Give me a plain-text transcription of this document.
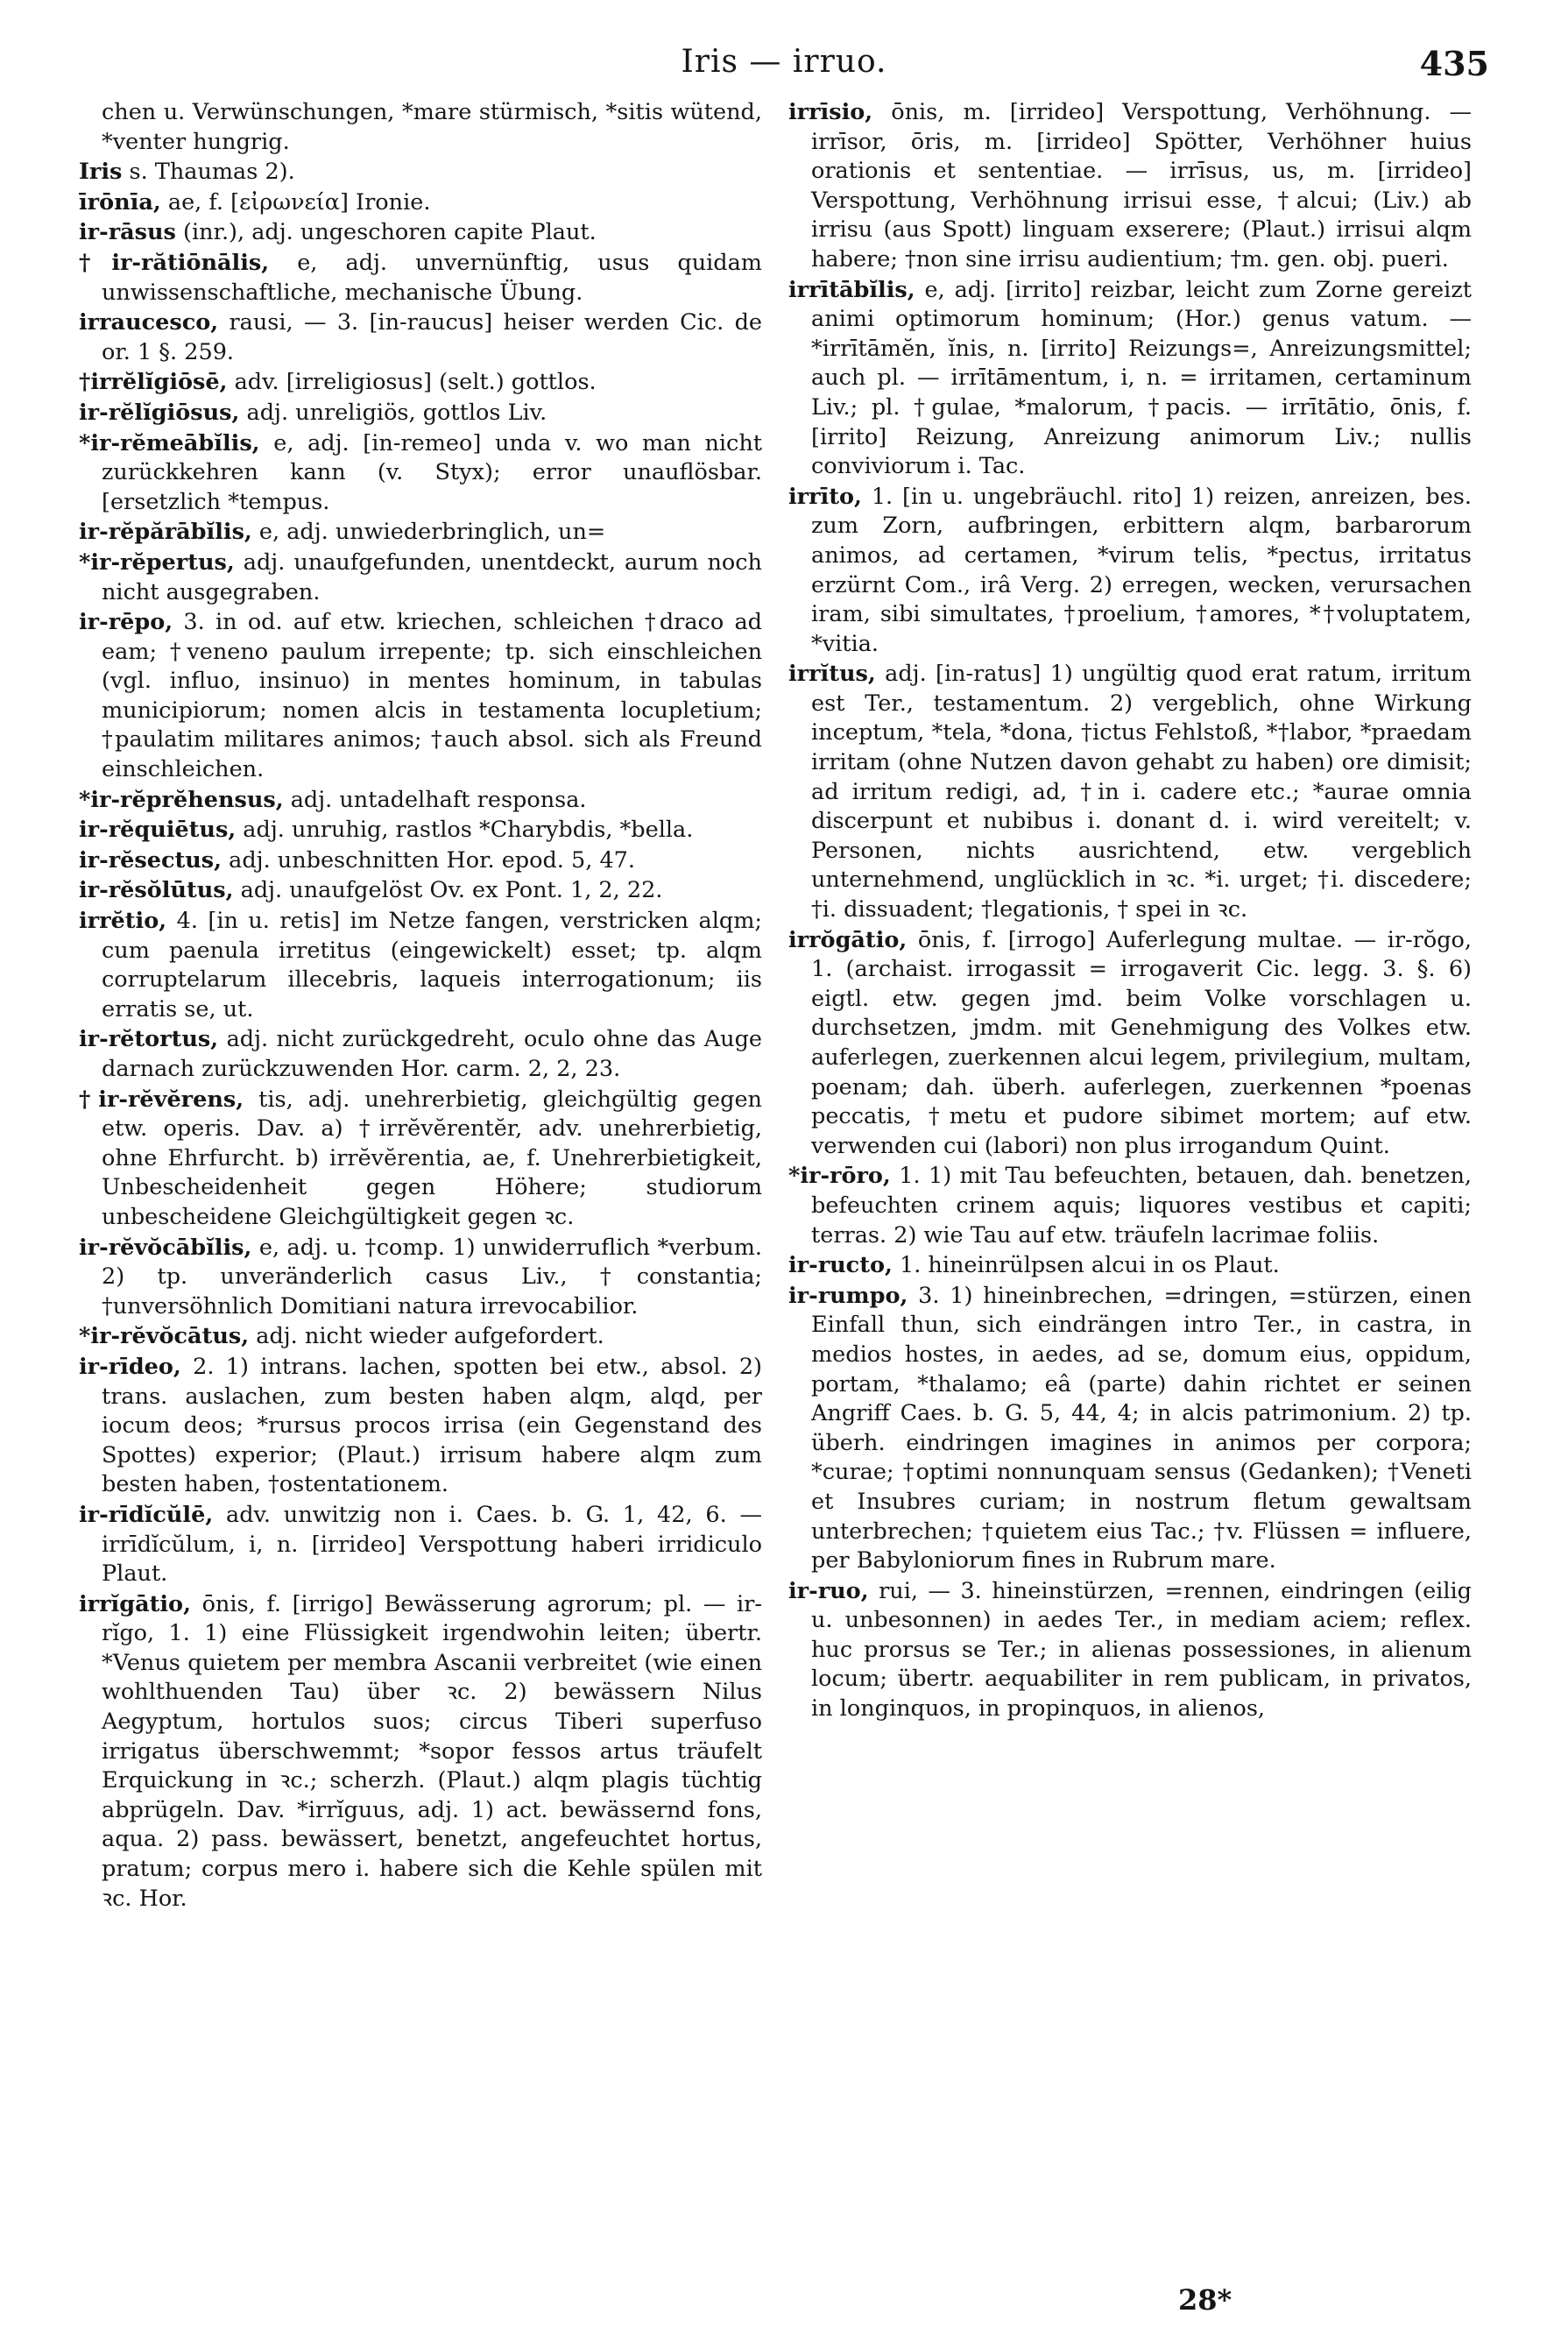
Iris — irruo.	435
chen u. Verwünschungen, *mare stürmisch, *sitis wütend, *venter hungrig.
Iris s. Thaumas 2).
īrōnīa, ae, f. [εἰρωνεία] Ironie.
ir-rāsus (inr.), adj. ungeschoren capite Plaut.
†ir-rătiōnālis, e, adj. unvernünftig, usus quidam unwissenschaftliche, mechanische Übung.
irraucesco, rausi, — 3. [in-raucus] heiser werden Cic. de or. 1 §. 259.
†irrĕlĭgiōsē, adv. [irreligiosus] (selt.) gottlos.
ir-rĕlĭgiōsus, adj. unreligiös, gottlos Liv.
*ir-rĕmeābĭlis, e, adj. [in-remeo] unda v. wo man nicht zurückkehren kann (v. Styx); error unauflösbar. [ersetzlich *tempus.
ir-rĕpărābĭlis, e, adj. unwiederbringlich, un=
*ir-rĕpertus, adj. unaufgefunden, unentdeckt, aurum noch nicht ausgegraben.
ir-rēpo, 3. in od. auf etw. kriechen, schleichen †draco ad eam; †veneno paulum irrepente; tp. sich einschleichen (vgl. influo, insinuo) in mentes hominum, in tabulas municipiorum; nomen alcis in testamenta locupletium; †paulatim militares animos; †auch absol. sich als Freund einschleichen.
*ir-rĕprĕhensus, adj. untadelhaft responsa.
ir-rĕquiētus, adj. unruhig, rastlos *Charybdis, *bella.
ir-rĕsectus, adj. unbeschnitten Hor. epod. 5, 47.
ir-rĕsŏlūtus, adj. unaufgelöst Ov. ex Pont. 1, 2, 22.
irrĕtio, 4. [in u. retis] im Netze fangen, verstricken alqm; cum paenula irretitus (eingewickelt) esset; tp. alqm corruptelarum illecebris, laqueis interrogationum; iis erratis se, ut.
ir-rĕtortus, adj. nicht zurückgedreht, oculo ohne das Auge darnach zurückzuwenden Hor. carm. 2, 2, 23.
†ir-rĕvĕrens, tis, adj. unehrerbietig, gleichgültig gegen etw. operis. Dav. a) †irrĕvĕrentĕr, adv. unehrerbietig, ohne Ehrfurcht. b) irrĕvĕrentia, ae, f. Unehrerbietigkeit, Unbescheidenheit gegen Höhere; studiorum unbescheidene Gleichgültigkeit gegen ꝛc.
ir-rĕvŏcābĭlis, e, adj. u. †comp. 1) unwiderruflich *verbum. 2) tp. unveränderlich casus Liv., †constantia; †unversöhnlich Domitiani natura irrevocabilior.
*ir-rĕvŏcātus, adj. nicht wieder aufgefordert.
ir-rīdeo, 2. 1) intrans. lachen, spotten bei etw., absol. 2) trans. auslachen, zum besten haben alqm, alqd, per iocum deos; *rursus procos irrisa (ein Gegenstand des Spottes) experior; (Plaut.) irrisum habere alqm zum besten haben, †ostentationem.
ir-rīdĭcŭlē, adv. unwitzig non i. Caes. b. G. 1, 42, 6. — irrīdĭcŭlum, i, n. [irrideo] Verspottung haberi irridiculo Plaut.
irrĭgātio, ōnis, f. [irrigo] Bewässerung agrorum; pl. — ir-rĭgo, 1. 1) eine Flüssigkeit irgendwohin leiten; übertr. *Venus quietem per membra Ascanii verbreitet (wie einen wohlthuenden Tau) über ꝛc. 2) bewässern Nilus Aegyptum, hortulos suos; circus Tiberi superfuso irrigatus überschwemmt; *sopor fessos artus träufelt Erquickung in ꝛc.; scherzh. (Plaut.) alqm plagis tüchtig abprügeln. Dav. *irrĭguus, adj. 1) act. bewässernd fons, aqua. 2) pass. bewässert, benetzt, angefeuchtet hortus, pratum; corpus mero i. habere sich die Kehle spülen mit ꝛc. Hor.
irrīsio, ōnis, m. [irrideo] Verspottung, Verhöhnung. — irrīsor, ōris, m. [irrideo] Spötter, Verhöhner huius orationis et sententiae. — irrīsus, us, m. [irrideo] Verspottung, Verhöhnung irrisui esse, †alcui; (Liv.) ab irrisu (aus Spott) linguam exserere; (Plaut.) irrisui alqm habere; †non sine irrisu audientium; †m. gen. obj. pueri.
irrītābĭlis, e, adj. [irrito] reizbar, leicht zum Zorne gereizt animi optimorum hominum; (Hor.) genus vatum. — *irrītāmĕn, ĭnis, n. [irrito] Reizungs=, Anreizungsmittel; auch pl. — irrītāmentum, i, n. = irritamen, certaminum Liv.; pl. †gulae, *malorum, †pacis. — irrītātio, ōnis, f. [irrito] Reizung, Anreizung animorum Liv.; nullis conviviorum i. Tac.
irrīto, 1. [in u. ungebräuchl. rito] 1) reizen, anreizen, bes. zum Zorn, aufbringen, erbittern alqm, barbarorum animos, ad certamen, *virum telis, *pectus, irritatus erzürnt Com., irâ Verg. 2) erregen, wecken, verursachen iram, sibi simultates, †proelium, †amores, *†voluptatem, *vitia.
irrĭtus, adj. [in-ratus] 1) ungültig quod erat ratum, irritum est Ter., testamentum. 2) vergeblich, ohne Wirkung inceptum, *tela, *dona, †ictus Fehlstoß, *†labor, *praedam irritam (ohne Nutzen davon gehabt zu haben) ore dimisit; ad irritum redigi, ad, †in i. cadere etc.; *aurae omnia discerpunt et nubibus i. donant d. i. wird vereitelt; v. Personen, nichts ausrichtend, etw. vergeblich unternehmend, unglücklich in ꝛc. *i. urget; †i. discedere; †i. dissuadent; †legationis, † spei in ꝛc.
irrŏgātio, ōnis, f. [irrogo] Auferlegung multae. — ir-rŏgo, 1. (archaist. irrogassit = irrogaverit Cic. legg. 3. §. 6) eigtl. etw. gegen jmd. beim Volke vorschlagen u. durchsetzen, jmdm. mit Genehmigung des Volkes etw. auferlegen, zuerkennen alcui legem, privilegium, multam, poenam; dah. überh. auferlegen, zuerkennen *poenas peccatis, †metu et pudore sibimet mortem; auf etw. verwenden cui (labori) non plus irrogandum Quint.
*ir-rōro, 1. 1) mit Tau befeuchten, betauen, dah. benetzen, befeuchten crinem aquis; liquores vestibus et capiti; terras. 2) wie Tau auf etw. träufeln lacrimae foliis.
ir-ructo, 1. hineinrülpsen alcui in os Plaut.
ir-rumpo, 3. 1) hineinbrechen, =dringen, =stürzen, einen Einfall thun, sich eindrängen intro Ter., in castra, in medios hostes, in aedes, ad se, domum eius, oppidum, portam, *thalamo; eâ (parte) dahin richtet er seinen Angriff Caes. b. G. 5, 44, 4; in alcis patrimonium. 2) tp. überh. eindringen imagines in animos per corpora; *curae; †optimi nonnunquam sensus (Gedanken); †Veneti et Insubres curiam; in nostrum fletum gewaltsam unterbrechen; †quietem eius Tac.; †v. Flüssen = influere, per Babyloniorum fines in Rubrum mare.
ir-ruo, rui, — 3. hineinstürzen, =rennen, eindringen (eilig u. unbesonnen) in aedes Ter., in mediam aciem; reflex. huc prorsus se Ter.; in alienas possessiones, in alienum locum; übertr. aequabiliter in rem publicam, in privatos, in longinquos, in propinquos, in alienos,
28*
